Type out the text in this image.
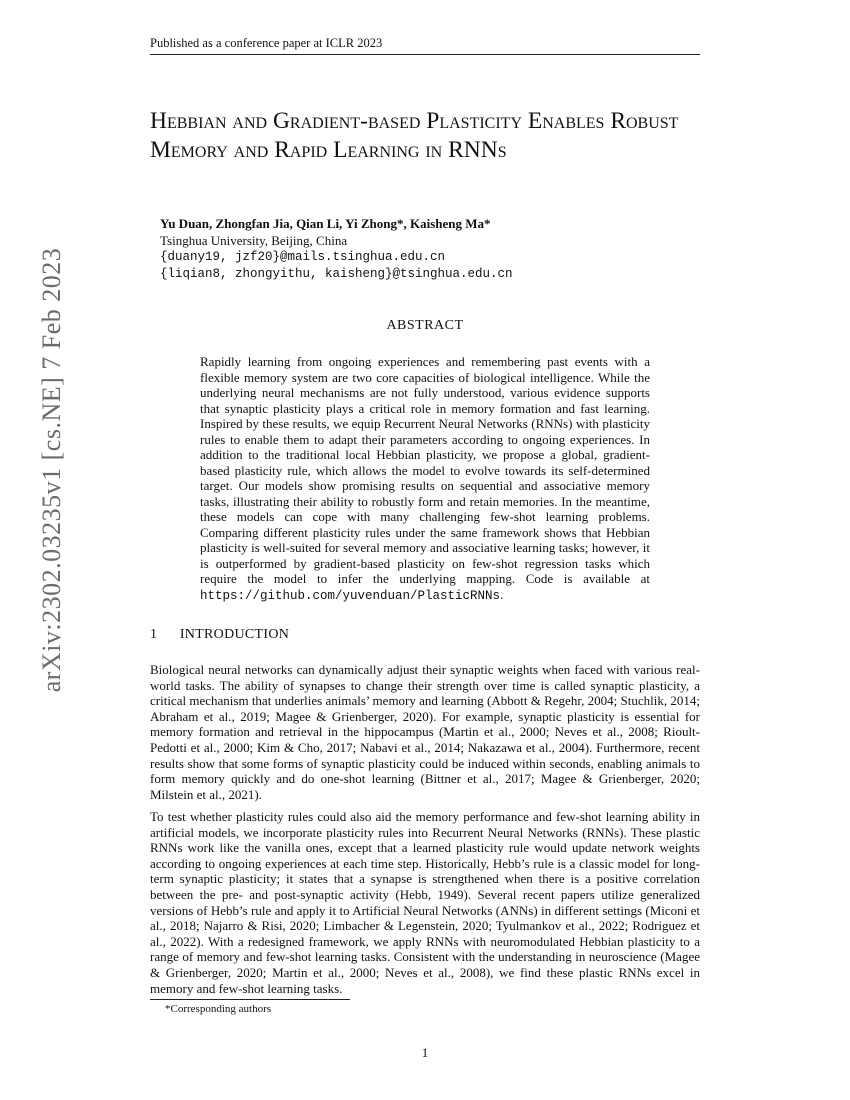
Published as a conference paper at ICLR 2023
arXiv:2302.03235v1 [cs.NE] 7 Feb 2023
Hebbian and Gradient-based Plasticity Enables Robust Memory and Rapid Learning in RNNs
Yu Duan, Zhongfan Jia, Qian Li, Yi Zhong*, Kaisheng Ma*
Tsinghua University, Beijing, China
{duany19, jzf20}@mails.tsinghua.edu.cn
{liqian8, zhongyithu, kaisheng}@tsinghua.edu.cn
ABSTRACT

Rapidly learning from ongoing experiences and remembering past events with a flexible memory system are two core capacities of biological intelligence. While the underlying neural mechanisms are not fully understood, various evidence supports that synaptic plasticity plays a critical role in memory formation and fast learning. Inspired by these results, we equip Recurrent Neural Networks (RNNs) with plasticity rules to enable them to adapt their parameters according to ongoing experiences. In addition to the traditional local Hebbian plasticity, we propose a global, gradient-based plasticity rule, which allows the model to evolve towards its self-determined target. Our models show promising results on sequential and associative memory tasks, illustrating their ability to robustly form and retain memories. In the meantime, these models can cope with many challenging few-shot learning problems. Comparing different plasticity rules under the same framework shows that Hebbian plasticity is well-suited for several memory and associative learning tasks; however, it is outperformed by gradient-based plasticity on few-shot regression tasks which require the model to infer the underlying mapping. Code is available at https://github.com/yuvenduan/PlasticRNNs.

1 INTRODUCTION

Biological neural networks can dynamically adjust their synaptic weights when faced with various real-world tasks. The ability of synapses to change their strength over time is called synaptic plasticity, a critical mechanism that underlies animals’ memory and learning (Abbott & Regehr, 2004; Stuchlik, 2014; Abraham et al., 2019; Magee & Grienberger, 2020). For example, synaptic plasticity is essential for memory formation and retrieval in the hippocampus (Martin et al., 2000; Neves et al., 2008; Rioult-Pedotti et al., 2000; Kim & Cho, 2017; Nabavi et al., 2014; Nakazawa et al., 2004). Furthermore, recent results show that some forms of synaptic plasticity could be induced within seconds, enabling animals to form memory quickly and do one-shot learning (Bittner et al., 2017; Magee & Grienberger, 2020; Milstein et al., 2021).

To test whether plasticity rules could also aid the memory performance and few-shot learning ability in artificial models, we incorporate plasticity rules into Recurrent Neural Networks (RNNs). These plastic RNNs work like the vanilla ones, except that a learned plasticity rule would update network weights according to ongoing experiences at each time step. Historically, Hebb’s rule is a classic model for long-term synaptic plasticity; it states that a synapse is strengthened when there is a positive correlation between the pre- and post-synaptic activity (Hebb, 1949). Several recent papers utilize generalized versions of Hebb’s rule and apply it to Artificial Neural Networks (ANNs) in different settings (Miconi et al., 2018; Najarro & Risi, 2020; Limbacher & Legenstein, 2020; Tyulmankov et al., 2022; Rodriguez et al., 2022). With a redesigned framework, we apply RNNs with neuromodulated Hebbian plasticity to a range of memory and few-shot learning tasks. Consistent with the understanding in neuroscience (Magee & Grienberger, 2020; Martin et al., 2000; Neves et al., 2008), we find these plastic RNNs excel in memory and few-shot learning tasks.

*Corresponding authors
1
